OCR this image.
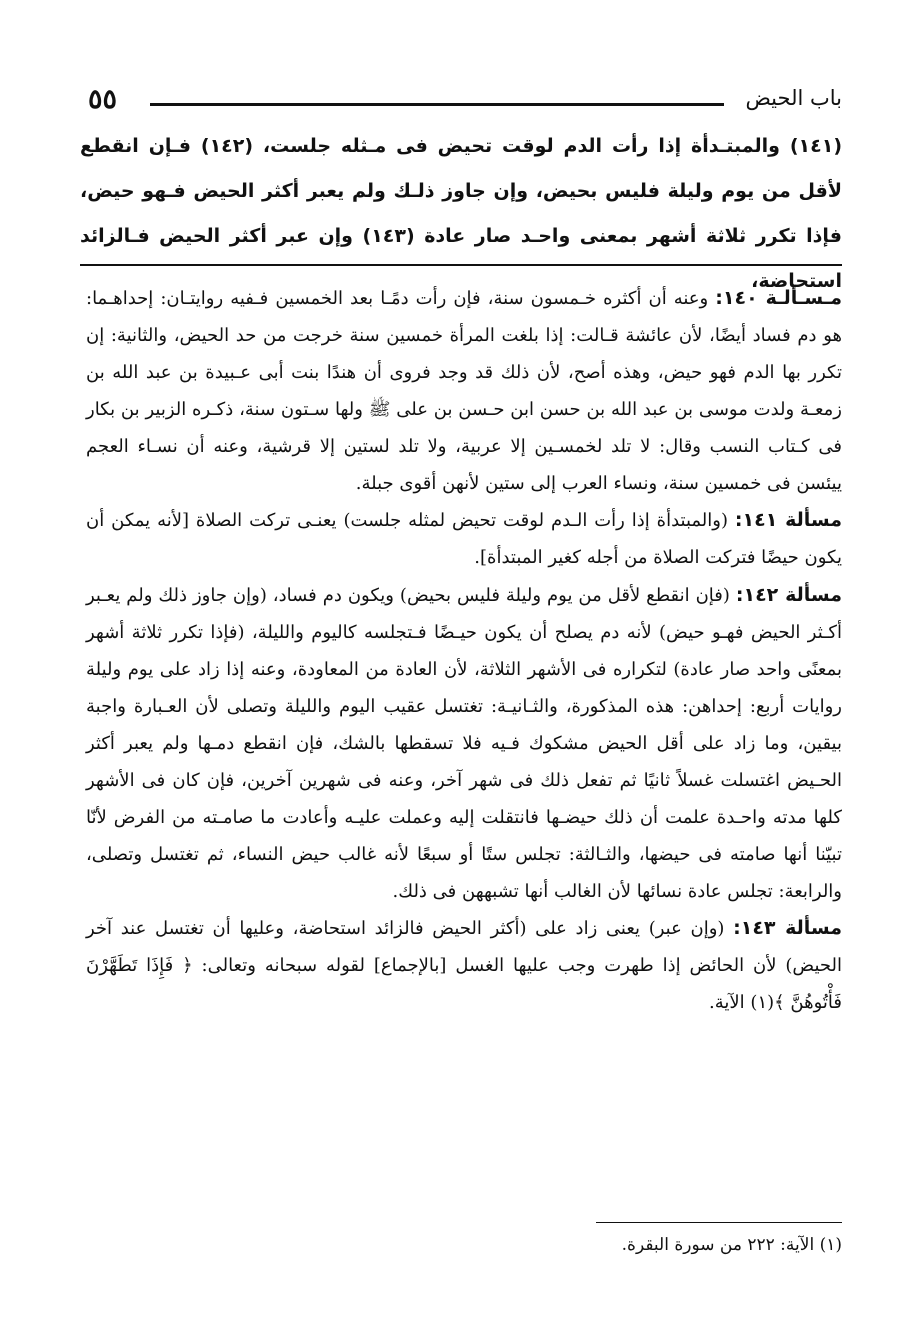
٥٥	باب الحيض
(١٤١) والمبتـدأة إذا رأت الدم لوقت تحيض فى مـثله جلست، (١٤٢) فـإن انقطع لأقل من يوم وليلة فليس بحيض، وإن جاوز ذلـك ولم يعبر أكثر الحيض فـهو حيض، فإذا تكرر ثلاثة أشهر بمعنى واحـد صار عادة (١٤٣) وإن عبر أكثر الحيض فـالزائد استحاضة،

مـسـألـة ١٤٠: وعنه أن أكثره خـمسون سنة، فإن رأت دمًـا بعد الخمسين فـفيه روايتـان: إحداهـما: هو دم فساد أيضًا، لأن عائشة قـالت: إذا بلغت المرأة خمسين سنة خرجت من حد الحيض، والثانية: إن تكرر بها الدم فهو حيض، وهذه أصح، لأن ذلك قد وجد فروى أن هندًا بنت أبى عـبيدة بن عبد الله بن زمعـة ولدت موسى بن عبد الله بن حسن ابن حـسن بن على ﷺ ولها سـتون سنة، ذكـره الزبير بن بكار فى كـتاب النسب وقال: لا تلد لخمسـين إلا عربية، ولا تلد لستين إلا قرشية، وعنه أن نسـاء العجم ييئسن فى خمسين سنة، ونساء العرب إلى ستين لأنهن أقوى جبلة.

مسألة ١٤١: (والمبتدأة إذا رأت الـدم لوقت تحيض لمثله جلست) يعنـى تركت الصلاة [لأنه يمكن أن يكون حيضًا فتركت الصلاة من أجله كغير المبتدأة].

مسألة ١٤٢: (فإن انقطع لأقل من يوم وليلة فليس بحيض) ويكون دم فساد، (وإن جاوز ذلك ولم يعـبر أكـثر الحيض فهـو حيض) لأنه دم يصلح أن يكون حيـضًا فـتجلسه كاليوم والليلة، (فإذا تكرر ثلاثة أشهر بمعنًى واحد صار عادة) لتكراره فى الأشهر الثلاثة، لأن العادة من المعاودة، وعنه إذا زاد على يوم وليلة روايات أربع: إحداهن: هذه المذكورة، والثـانيـة: تغتسل عقيب اليوم والليلة وتصلى لأن العـبارة واجبة بيقين، وما زاد على أقل الحيض مشكوك فـيه فلا تسقطها بالشك، فإن انقطع دمـها ولم يعبر أكثر الحـيض اغتسلت غسلاً ثانيًا ثم تفعل ذلك فى شهر آخر، وعنه فى شهرين آخرين، فإن كان فى الأشهر كلها مدته واحـدة علمت أن ذلك حيضـها فانتقلت إليه وعملت عليـه وأعادت ما صامـته من الفرض لأنّا تبيّنا أنها صامته فى حيضها، والثـالثة: تجلس ستًا أو سبعًا لأنه غالب حيض النساء، ثم تغتسل وتصلى، والرابعة: تجلس عادة نسائها لأن الغالب أنها تشبههن فى ذلك.

مسألة ١٤٣: (وإن عبر) يعنى زاد على (أكثر الحيض فالزائد استحاضة، وعليها أن تغتسل عند آخر الحيض) لأن الحائض إذا طهرت وجب عليها الغسل [بالإجماع] لقوله سبحانه وتعالى: ﴿ فَإِذَا تَطَهَّرْنَ فَأْتُوهُنَّ ﴾(١) الآية.

(١) الآية: ٢٢٢ من سورة البقرة.
